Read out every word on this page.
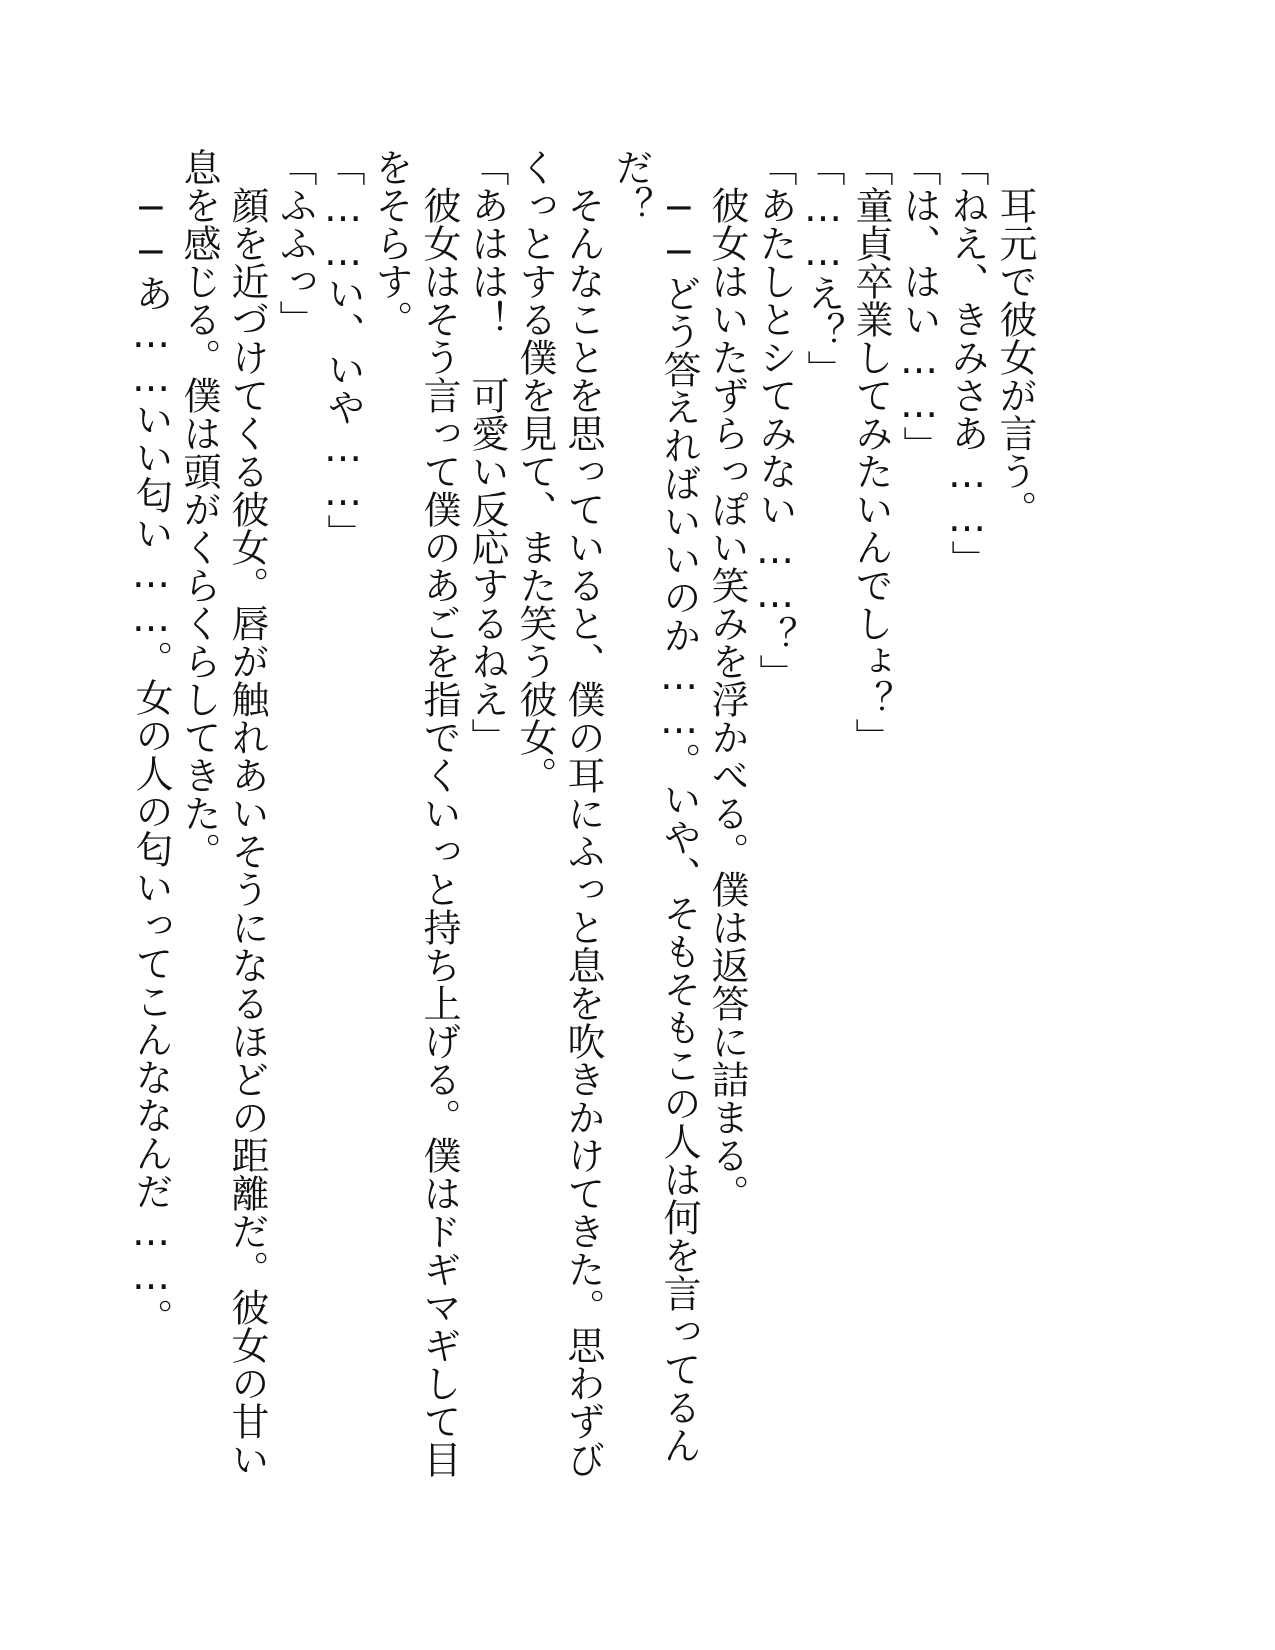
　耳元で彼女が言う。

「ねえ、きみさあ……」

「は、はい……」

「童貞卒業してみたいんでしょ？」

「……え？」

「あたしとシてみない……？」

　彼女はいたずらっぽい笑みを浮かべる。僕は返答に詰まる。

　──どう答えればいいのか……。いや、そもそもこの人は何を言ってるんだ？

　そんなことを思っていると、僕の耳にふっと息を吹きかけてきた。思わずびくっとする僕を見て、また笑う彼女。

「あはは！　可愛い反応するねえ」

　彼女はそう言って僕のあごを指でくいっと持ち上げる。僕はドギマギして目をそらす。

「……い、いや……」

「ふふっ」

　顔を近づけてくる彼女。唇が触れあいそうになるほどの距離だ。彼女の甘い息を感じる。僕は頭がくらくらしてきた。

　──あ……いい匂い……。女の人の匂いってこんななんだ……。
